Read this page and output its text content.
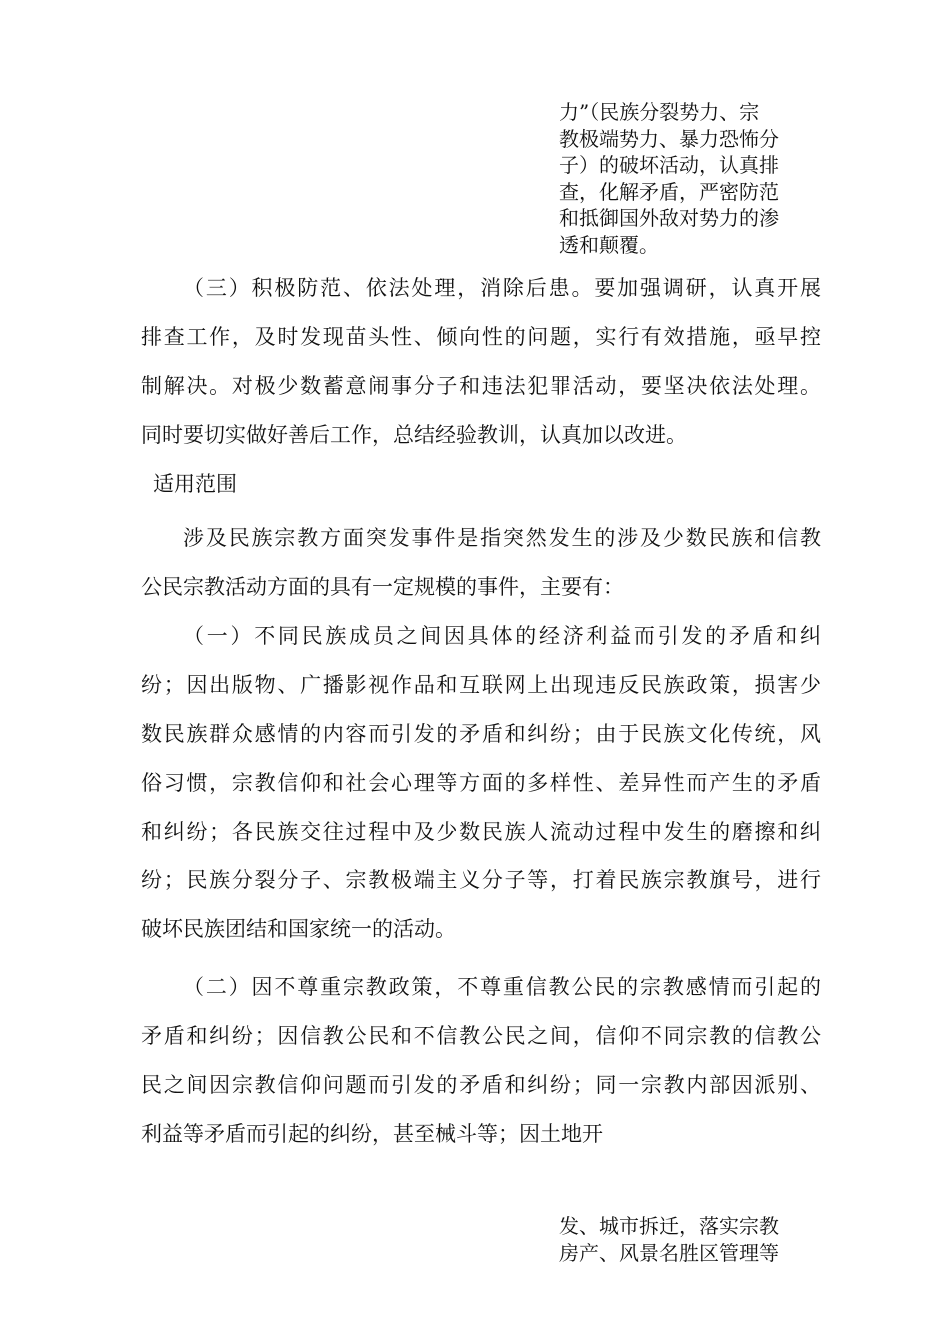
力”（民族分裂势力、宗
教极端势力、暴力恐怖分
子）的破坏活动，认真排
查，化解矛盾，严密防范
和抵御国外敌对势力的渗
透和颠覆。
（三）积极防范、依法处理，消除后患。要加强调研，认真开展
排查工作，及时发现苗头性、倾向性的问题，实行有效措施，亟早控
制解决。对极少数蓄意闹事分子和违法犯罪活动，要坚决依法处理。
同时要切实做好善后工作，总结经验教训，认真加以改进。
适用范围
涉及民族宗教方面突发事件是指突然发生的涉及少数民族和信教
公民宗教活动方面的具有一定规模的事件，主要有：
（一）不同民族成员之间因具体的经济利益而引发的矛盾和纠
纷；因出版物、广播影视作品和互联网上出现违反民族政策，损害少
数民族群众感情的内容而引发的矛盾和纠纷；由于民族文化传统，风
俗习惯，宗教信仰和社会心理等方面的多样性、差异性而产生的矛盾
和纠纷；各民族交往过程中及少数民族人流动过程中发生的磨擦和纠
纷；民族分裂分子、宗教极端主义分子等，打着民族宗教旗号，进行
破坏民族团结和国家统一的活动。
（二）因不尊重宗教政策，不尊重信教公民的宗教感情而引起的
矛盾和纠纷；因信教公民和不信教公民之间，信仰不同宗教的信教公
民之间因宗教信仰问题而引发的矛盾和纠纷；同一宗教内部因派别、
利益等矛盾而引起的纠纷，甚至械斗等；因土地开
发、城市拆迁，落实宗教
房产、风景名胜区管理等
